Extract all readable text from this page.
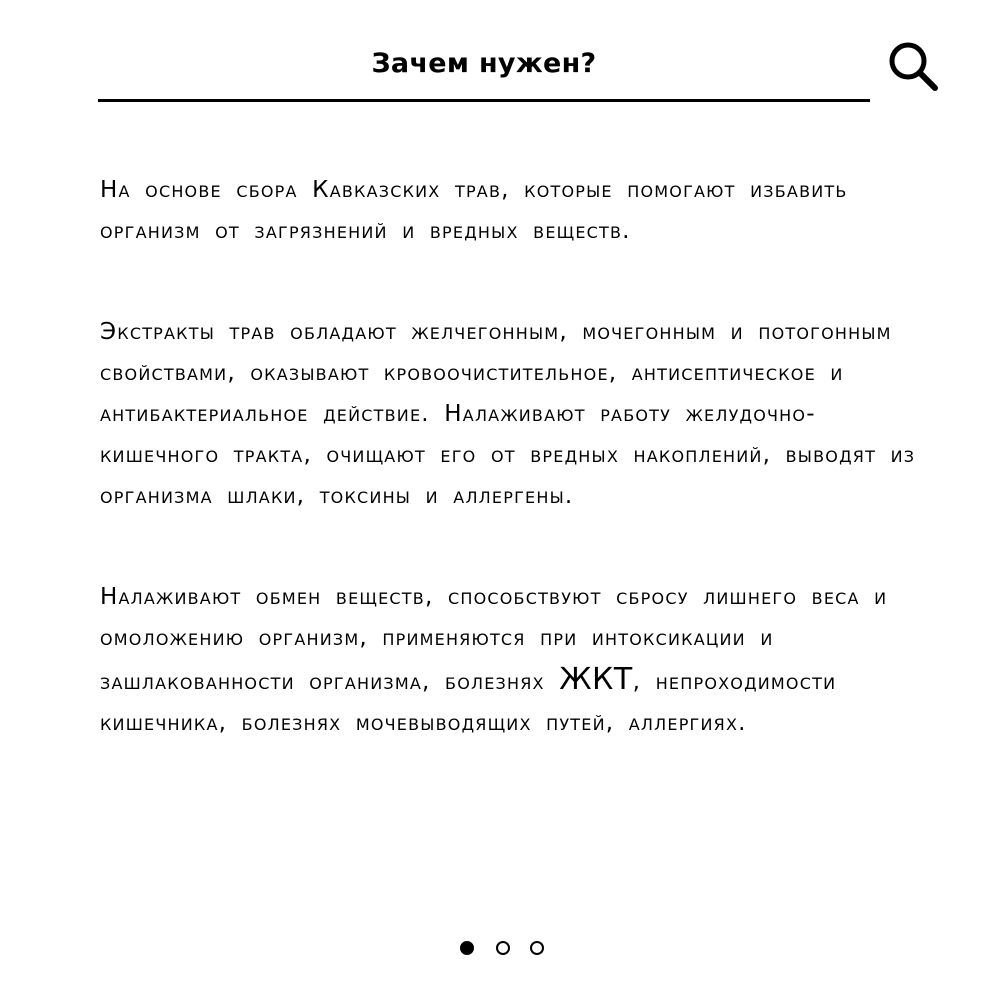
Зачем нужен?

На основе сбора Кавказских трав, которые помогают избавить организм от загрязнений и вредных веществ.

Экстракты трав обладают желчегонным, мочегонным и потогонным свойствами, оказывают кровоочистительное, антисептическое и антибактериальное действие. Налаживают работу желудочно-кишечного тракта, очищают его от вредных накоплений, выводят из организма шлаки, токсины и аллергены.

Налаживают обмен веществ, способствуют сбросу лишнего веса и омоложению организм, применяются при интоксикации и зашлакованности организма, болезнях ЖКТ, непроходимости кишечника, болезнях мочевыводящих путей, аллергиях.
